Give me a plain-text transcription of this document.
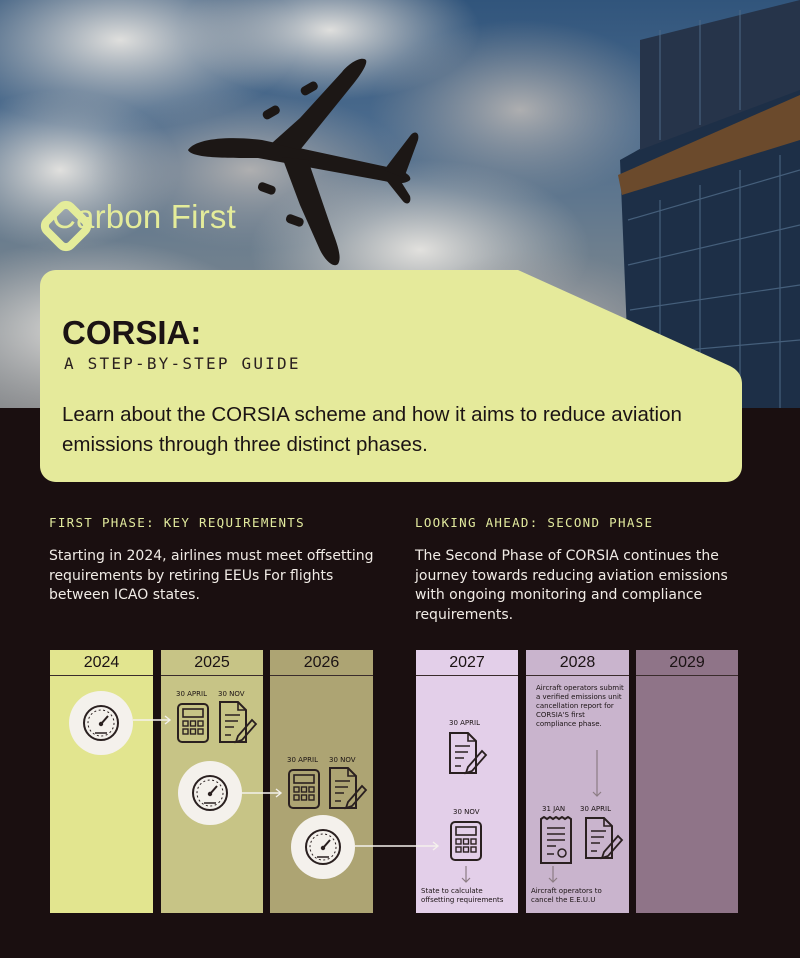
Carbon First
CORSIA:
A STEP-BY-STEP GUIDE
Learn about the CORSIA scheme and how it aims to reduce aviation emissions through three distinct phases.
FIRST PHASE: KEY REQUIREMENTS
Starting in 2024, airlines must meet offsetting requirements by retiring EEUs For flights between ICAO states.
LOOKING AHEAD: SECOND PHASE
The Second Phase of CORSIA continues the journey towards reducing aviation emissions with ongoing monitoring and compliance requirements.
2024	2025	2026	2027	2028	2029
30 APRIL 30 NOV
30 APRIL 30 NOV
30 APRIL
30 NOV
State to calculate offsetting requirements
Aircraft operators submit a verified emissions unit cancellation report for CORSIA'S first compliance phase.
31 JAN 30 APRIL
Aircraft operators to cancel the E.E.U.U
